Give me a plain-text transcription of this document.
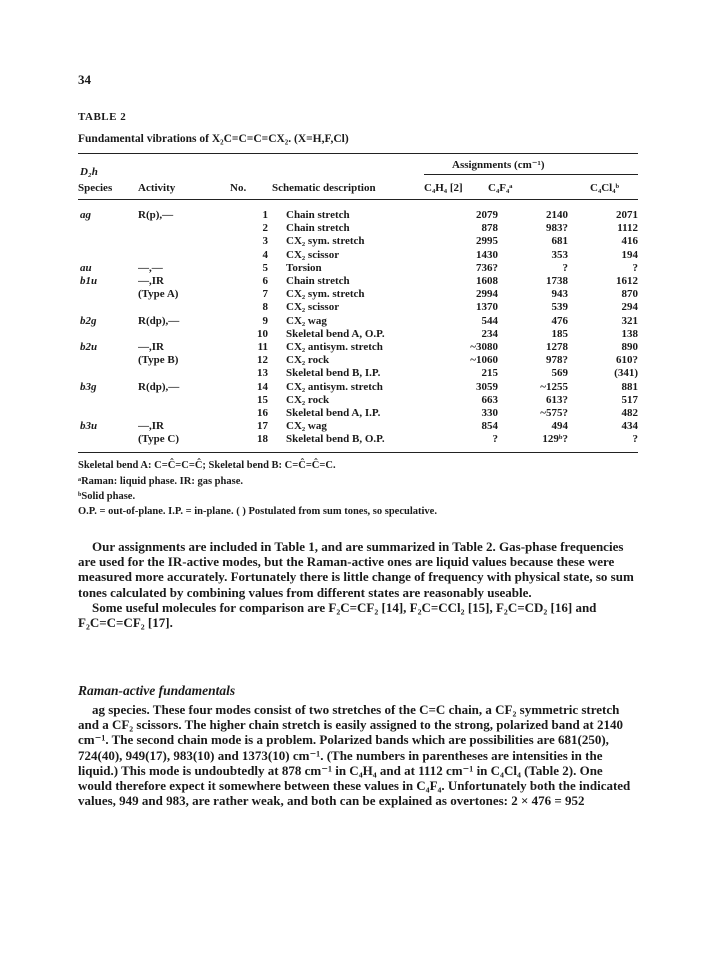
34
TABLE 2
Fundamental vibrations of X₂C=C=C=CX₂. (X=H,F,Cl)
D₂h
Assignments (cm⁻¹)
Species Activity	No. Schematic description	C₄H₄ [2] C₄F₄ᵃ	C₄Cl₄ᵇ
ag	R(p),—	1	Chain stretch	2079	2140	2071
		2	Chain stretch	878	983?	1112
		3	CX₂ sym. stretch	2995	681	416
		4	CX₂ scissor	1430	353	194
au	—,—	5	Torsion	736?	?	?
b1u	—,IR	6	Chain stretch	1608	1738	1612
	(Type A)	7	CX₂ sym. stretch	2994	943	870
		8	CX₂ scissor	1370	539	294
b2g	R(dp),—	9	CX₂ wag	544	476	321
		10	Skeletal bend A, O.P.	234	185	138
b2u	—,IR	11	CX₂ antisym. stretch	~3080	1278	890
	(Type B)	12	CX₂ rock	~1060	978?	610?
		13	Skeletal bend B, I.P.	215	569	(341)
b3g	R(dp),—	14	CX₂ antisym. stretch	3059	~1255	881
		15	CX₂ rock	663	613?	517
		16	Skeletal bend A, I.P.	330	~575?	482
b3u	—,IR	17	CX₂ wag	854	494	434
	(Type C)	18	Skeletal bend B, O.P.	?	129ᵇ?	?
Skeletal bend A: C=Ĉ=C=Ĉ; Skeletal bend B: C=Ĉ=Ĉ=C.
ᵃRaman: liquid phase. IR: gas phase.
ᵇSolid phase.
O.P. = out-of-plane. I.P. = in-plane. ( ) Postulated from sum tones, so speculative.

Our assignments are included in Table 1, and are summarized in Table 2. Gas-phase frequencies are used for the IR-active modes, but the Raman-active ones are liquid values because these were measured more accurately. Fortunately there is little change of frequency with physical state, so sum tones calculated by combining values from different states are reasonably useable.

Some useful molecules for comparison are F₂C=CF₂ [14], F₂C=CCl₂ [15], F₂C=CD₂ [16] and F₂C=C=CF₂ [17].

Raman-active fundamentals

ag species. These four modes consist of two stretches of the C=C chain, a CF₂ symmetric stretch and a CF₂ scissors. The higher chain stretch is easily assigned to the strong, polarized band at 2140 cm⁻¹. The second chain mode is a problem. Polarized bands which are possibilities are 681(250), 724(40), 949(17), 983(10) and 1373(10) cm⁻¹. (The numbers in parentheses are intensities in the liquid.) This mode is undoubtedly at 878 cm⁻¹ in C₄H₄ and at 1112 cm⁻¹ in C₄Cl₄ (Table 2). One would therefore expect it somewhere between these values in C₄F₄. Unfortunately both the indicated values, 949 and 983, are rather weak, and both can be explained as overtones: 2 × 476 = 952
